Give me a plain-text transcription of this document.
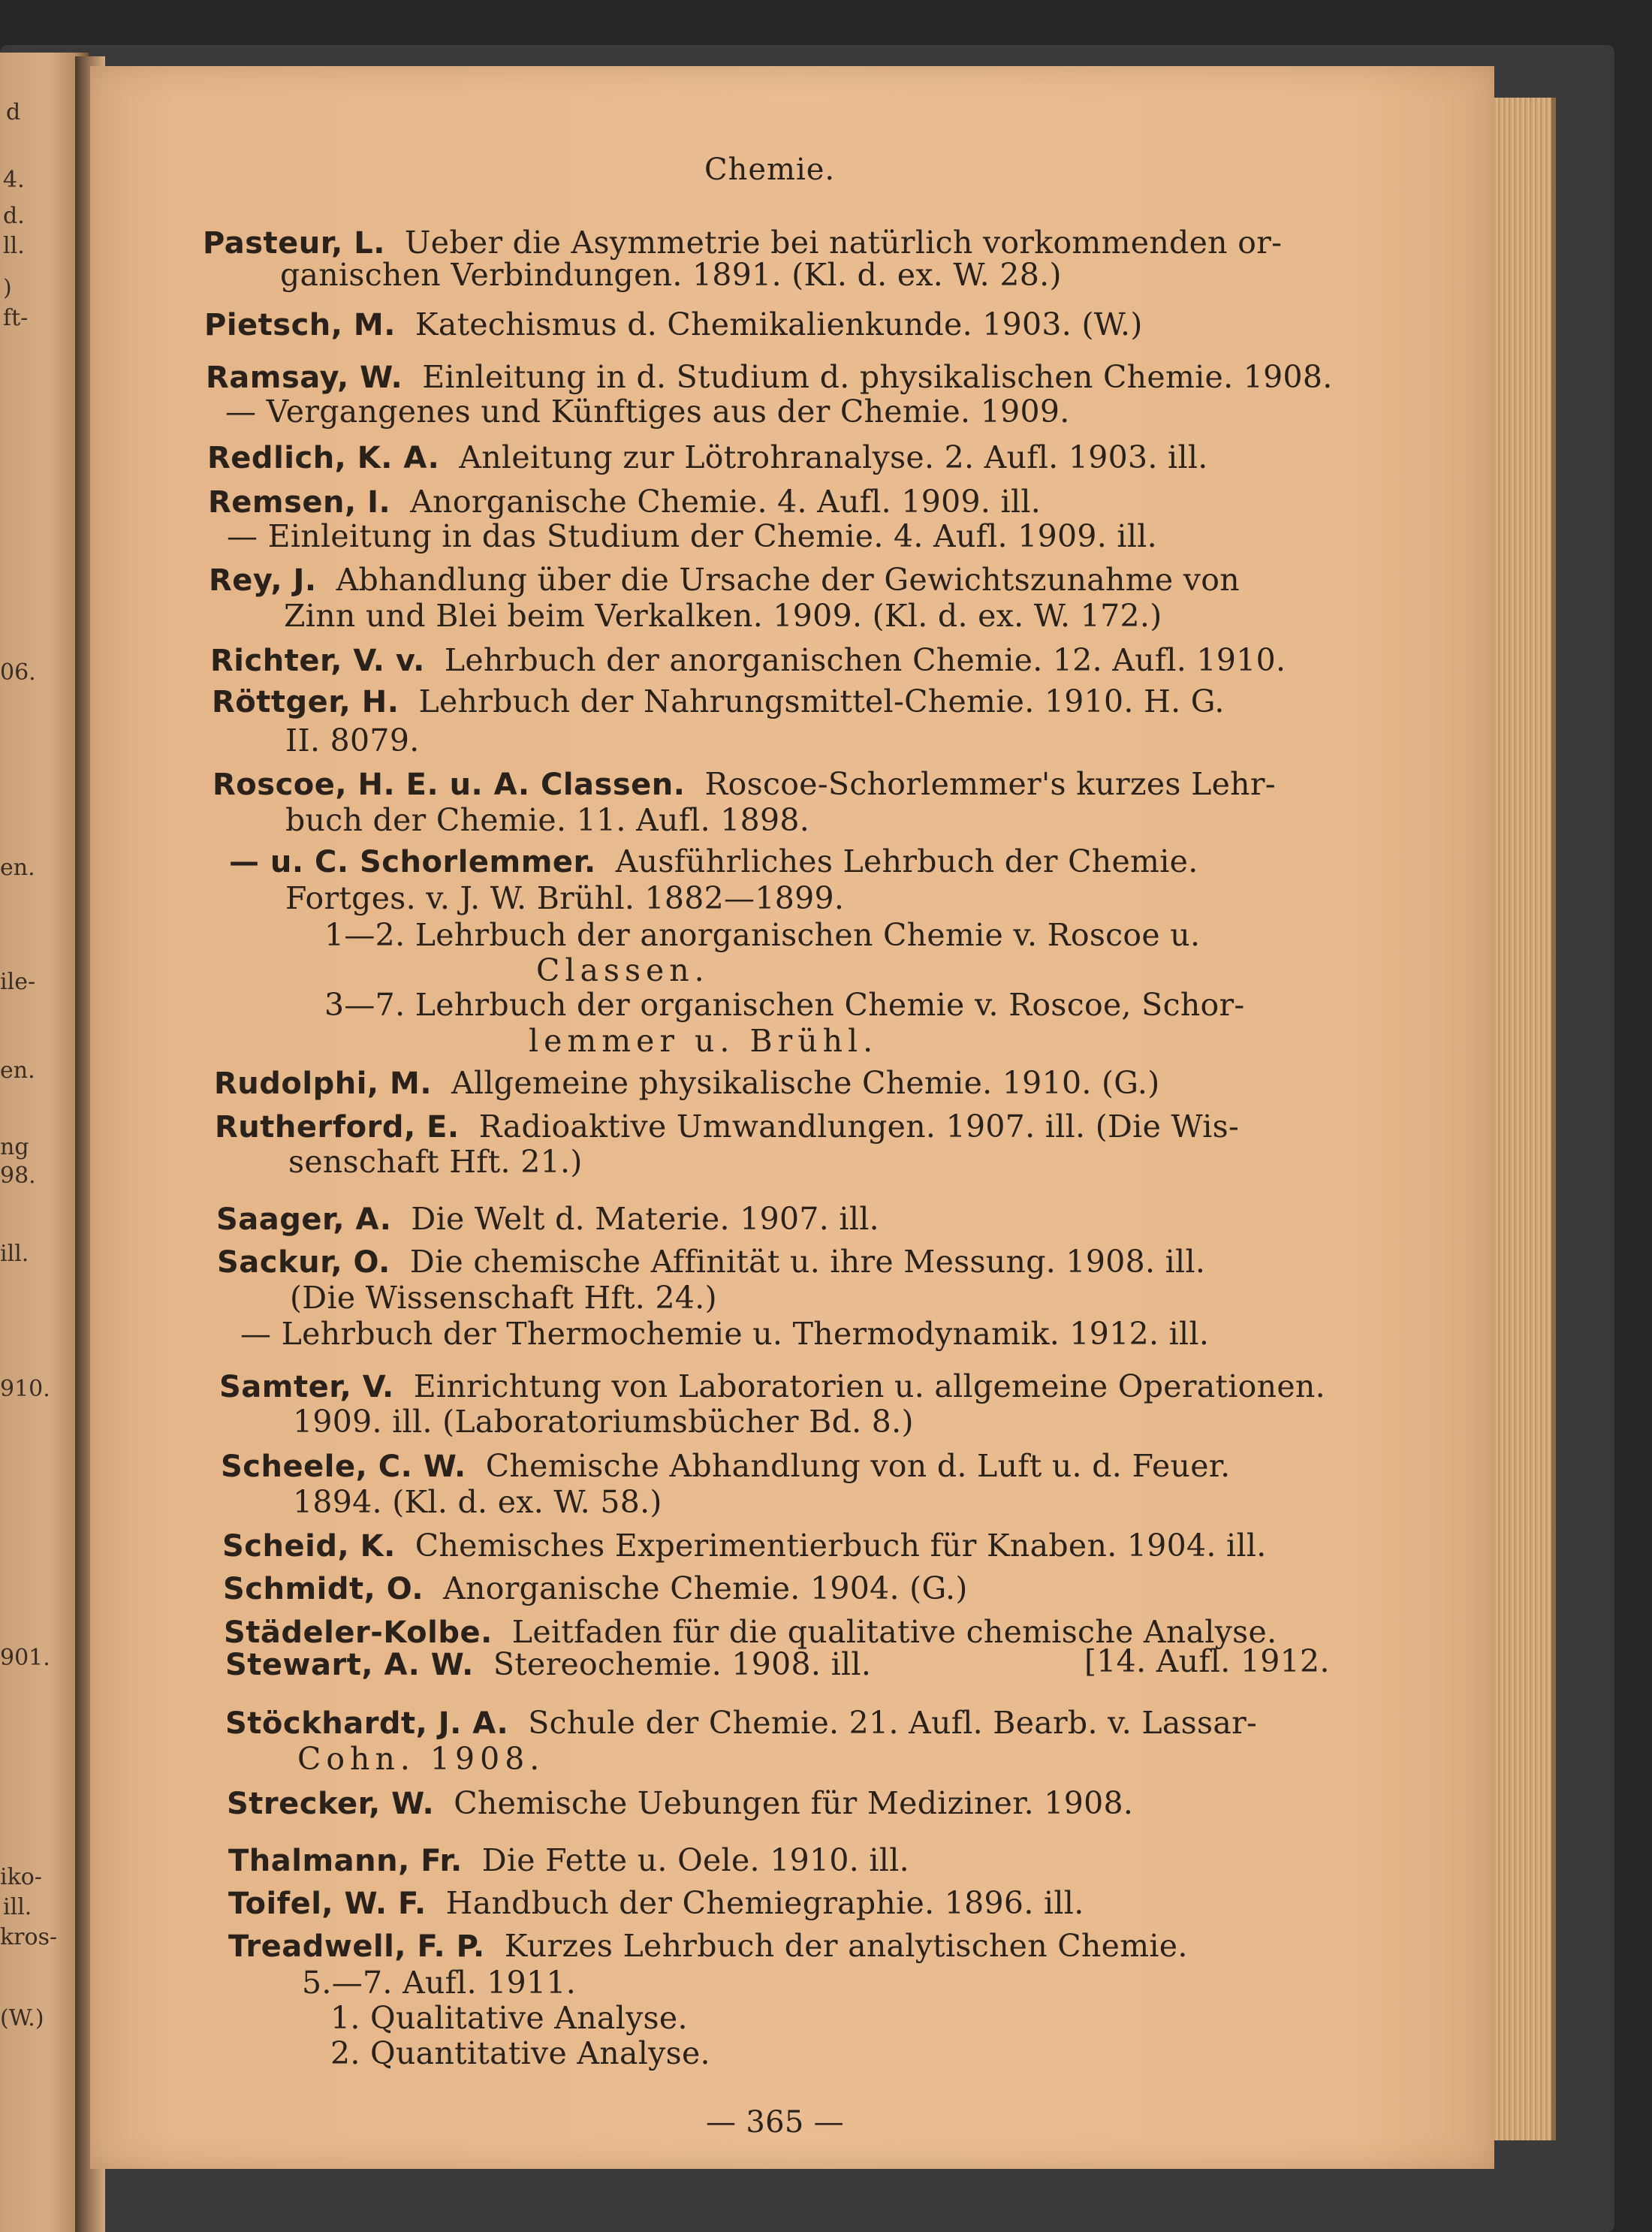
d
4.
d.
ll.
)
ft-
06.
en.
ile-
en.
ng
98.
ill.
910.
901.
iko-
ill.
kros-
(W.)
Chemie.
Pasteur, L. Ueber die Asymmetrie bei natürlich vorkommenden or-
ganischen Verbindungen. 1891. (Kl. d. ex. W. 28.)
Pietsch, M. Katechismus d. Chemikalienkunde. 1903. (W.)
Ramsay, W. Einleitung in d. Studium d. physikalischen Chemie. 1908.
— Vergangenes und Künftiges aus der Chemie. 1909.
Redlich, K. A. Anleitung zur Lötrohranalyse. 2. Aufl. 1903. ill.
Remsen, I. Anorganische Chemie. 4. Aufl. 1909. ill.
— Einleitung in das Studium der Chemie. 4. Aufl. 1909. ill.
Rey, J. Abhandlung über die Ursache der Gewichtszunahme von
Zinn und Blei beim Verkalken. 1909. (Kl. d. ex. W. 172.)
Richter, V. v. Lehrbuch der anorganischen Chemie. 12. Aufl. 1910.
Röttger, H. Lehrbuch der Nahrungsmittel-Chemie. 1910. H. G.
II. 8079.
Roscoe, H. E. u. A. Classen. Roscoe-Schorlemmer's kurzes Lehr-
buch der Chemie. 11. Aufl. 1898.
— u. C. Schorlemmer. Ausführliches Lehrbuch der Chemie.
Fortges. v. J. W. Brühl. 1882—1899.
1—2. Lehrbuch der anorganischen Chemie v. Roscoe u.
Classen.
3—7. Lehrbuch der organischen Chemie v. Roscoe, Schor-
lemmer u. Brühl.
Rudolphi, M. Allgemeine physikalische Chemie. 1910. (G.)
Rutherford, E. Radioaktive Umwandlungen. 1907. ill. (Die Wis-
senschaft Hft. 21.)
Saager, A. Die Welt d. Materie. 1907. ill.
Sackur, O. Die chemische Affinität u. ihre Messung. 1908. ill.
(Die Wissenschaft Hft. 24.)
— Lehrbuch der Thermochemie u. Thermodynamik. 1912. ill.
Samter, V. Einrichtung von Laboratorien u. allgemeine Operationen.
1909. ill. (Laboratoriumsbücher Bd. 8.)
Scheele, C. W. Chemische Abhandlung von d. Luft u. d. Feuer.
1894. (Kl. d. ex. W. 58.)
Scheid, K. Chemisches Experimentierbuch für Knaben. 1904. ill.
Schmidt, O. Anorganische Chemie. 1904. (G.)
Städeler-Kolbe. Leitfaden für die qualitative chemische Analyse.
Stewart, A. W. Stereochemie. 1908. ill.	[14. Aufl. 1912.
Stöckhardt, J. A. Schule der Chemie. 21. Aufl. Bearb. v. Lassar-
Cohn. 1908.
Strecker, W. Chemische Uebungen für Mediziner. 1908.
Thalmann, Fr. Die Fette u. Oele. 1910. ill.
Toifel, W. F. Handbuch der Chemiegraphie. 1896. ill.
Treadwell, F. P. Kurzes Lehrbuch der analytischen Chemie.
5.—7. Aufl. 1911.
1. Qualitative Analyse.
2. Quantitative Analyse.
— 365 —
